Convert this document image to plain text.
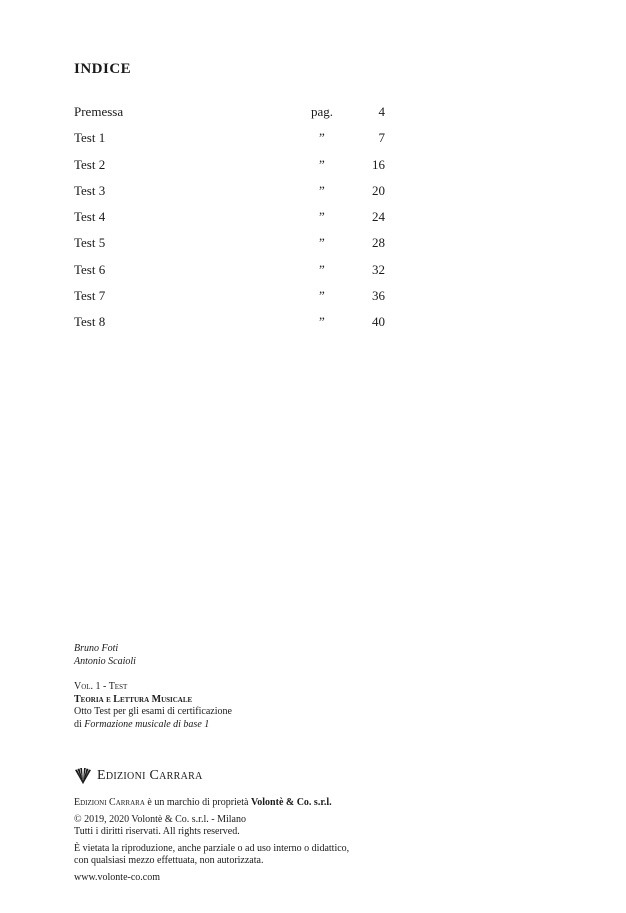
INDICE
Premessa	pag.	4
Test 1	”	7
Test 2	”	16
Test 3	”	20
Test 4	”	24
Test 5	”	28
Test 6	”	32
Test 7	”	36
Test 8	”	40
Bruno Foti
Antonio Scaioli
Vol. 1 - Test
Teoria e Lettura Musicale
Otto Test per gli esami di certificazione
di Formazione musicale di base 1
Edizioni Carrara

Edizioni Carrara è un marchio di proprietà Volontè & Co. s.r.l.

© 2019, 2020 Volontè & Co. s.r.l. - Milano
Tutti i diritti riservati. All rights reserved.

È vietata la riproduzione, anche parziale o ad uso interno o didattico,
con qualsiasi mezzo effettuata, non autorizzata.

www.volonte-co.com
